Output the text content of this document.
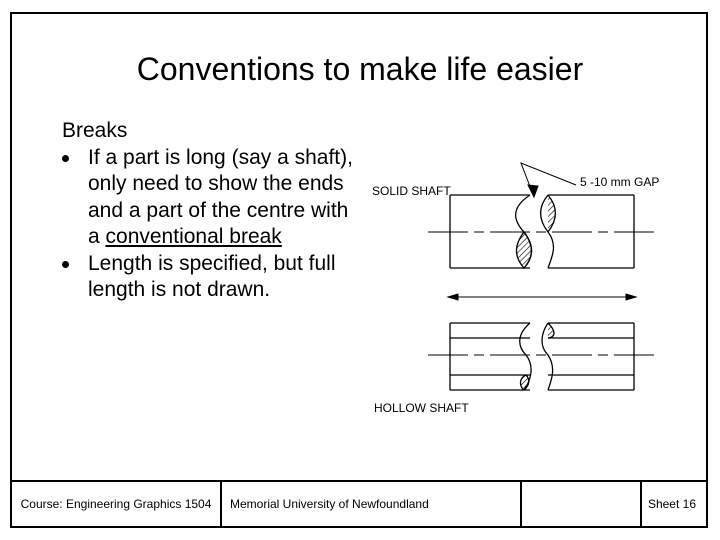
Conventions to make life easier
Breaks
If a part is long (say a shaft), only need to show the ends and a part of the centre with a conventional break
Length is specified, but full length is not drawn.
SOLID SHAFT
5 -10 mm GAP
HOLLOW SHAFT
Course: Engineering Graphics 1504	Memorial University of Newfoundland	Sheet 16
